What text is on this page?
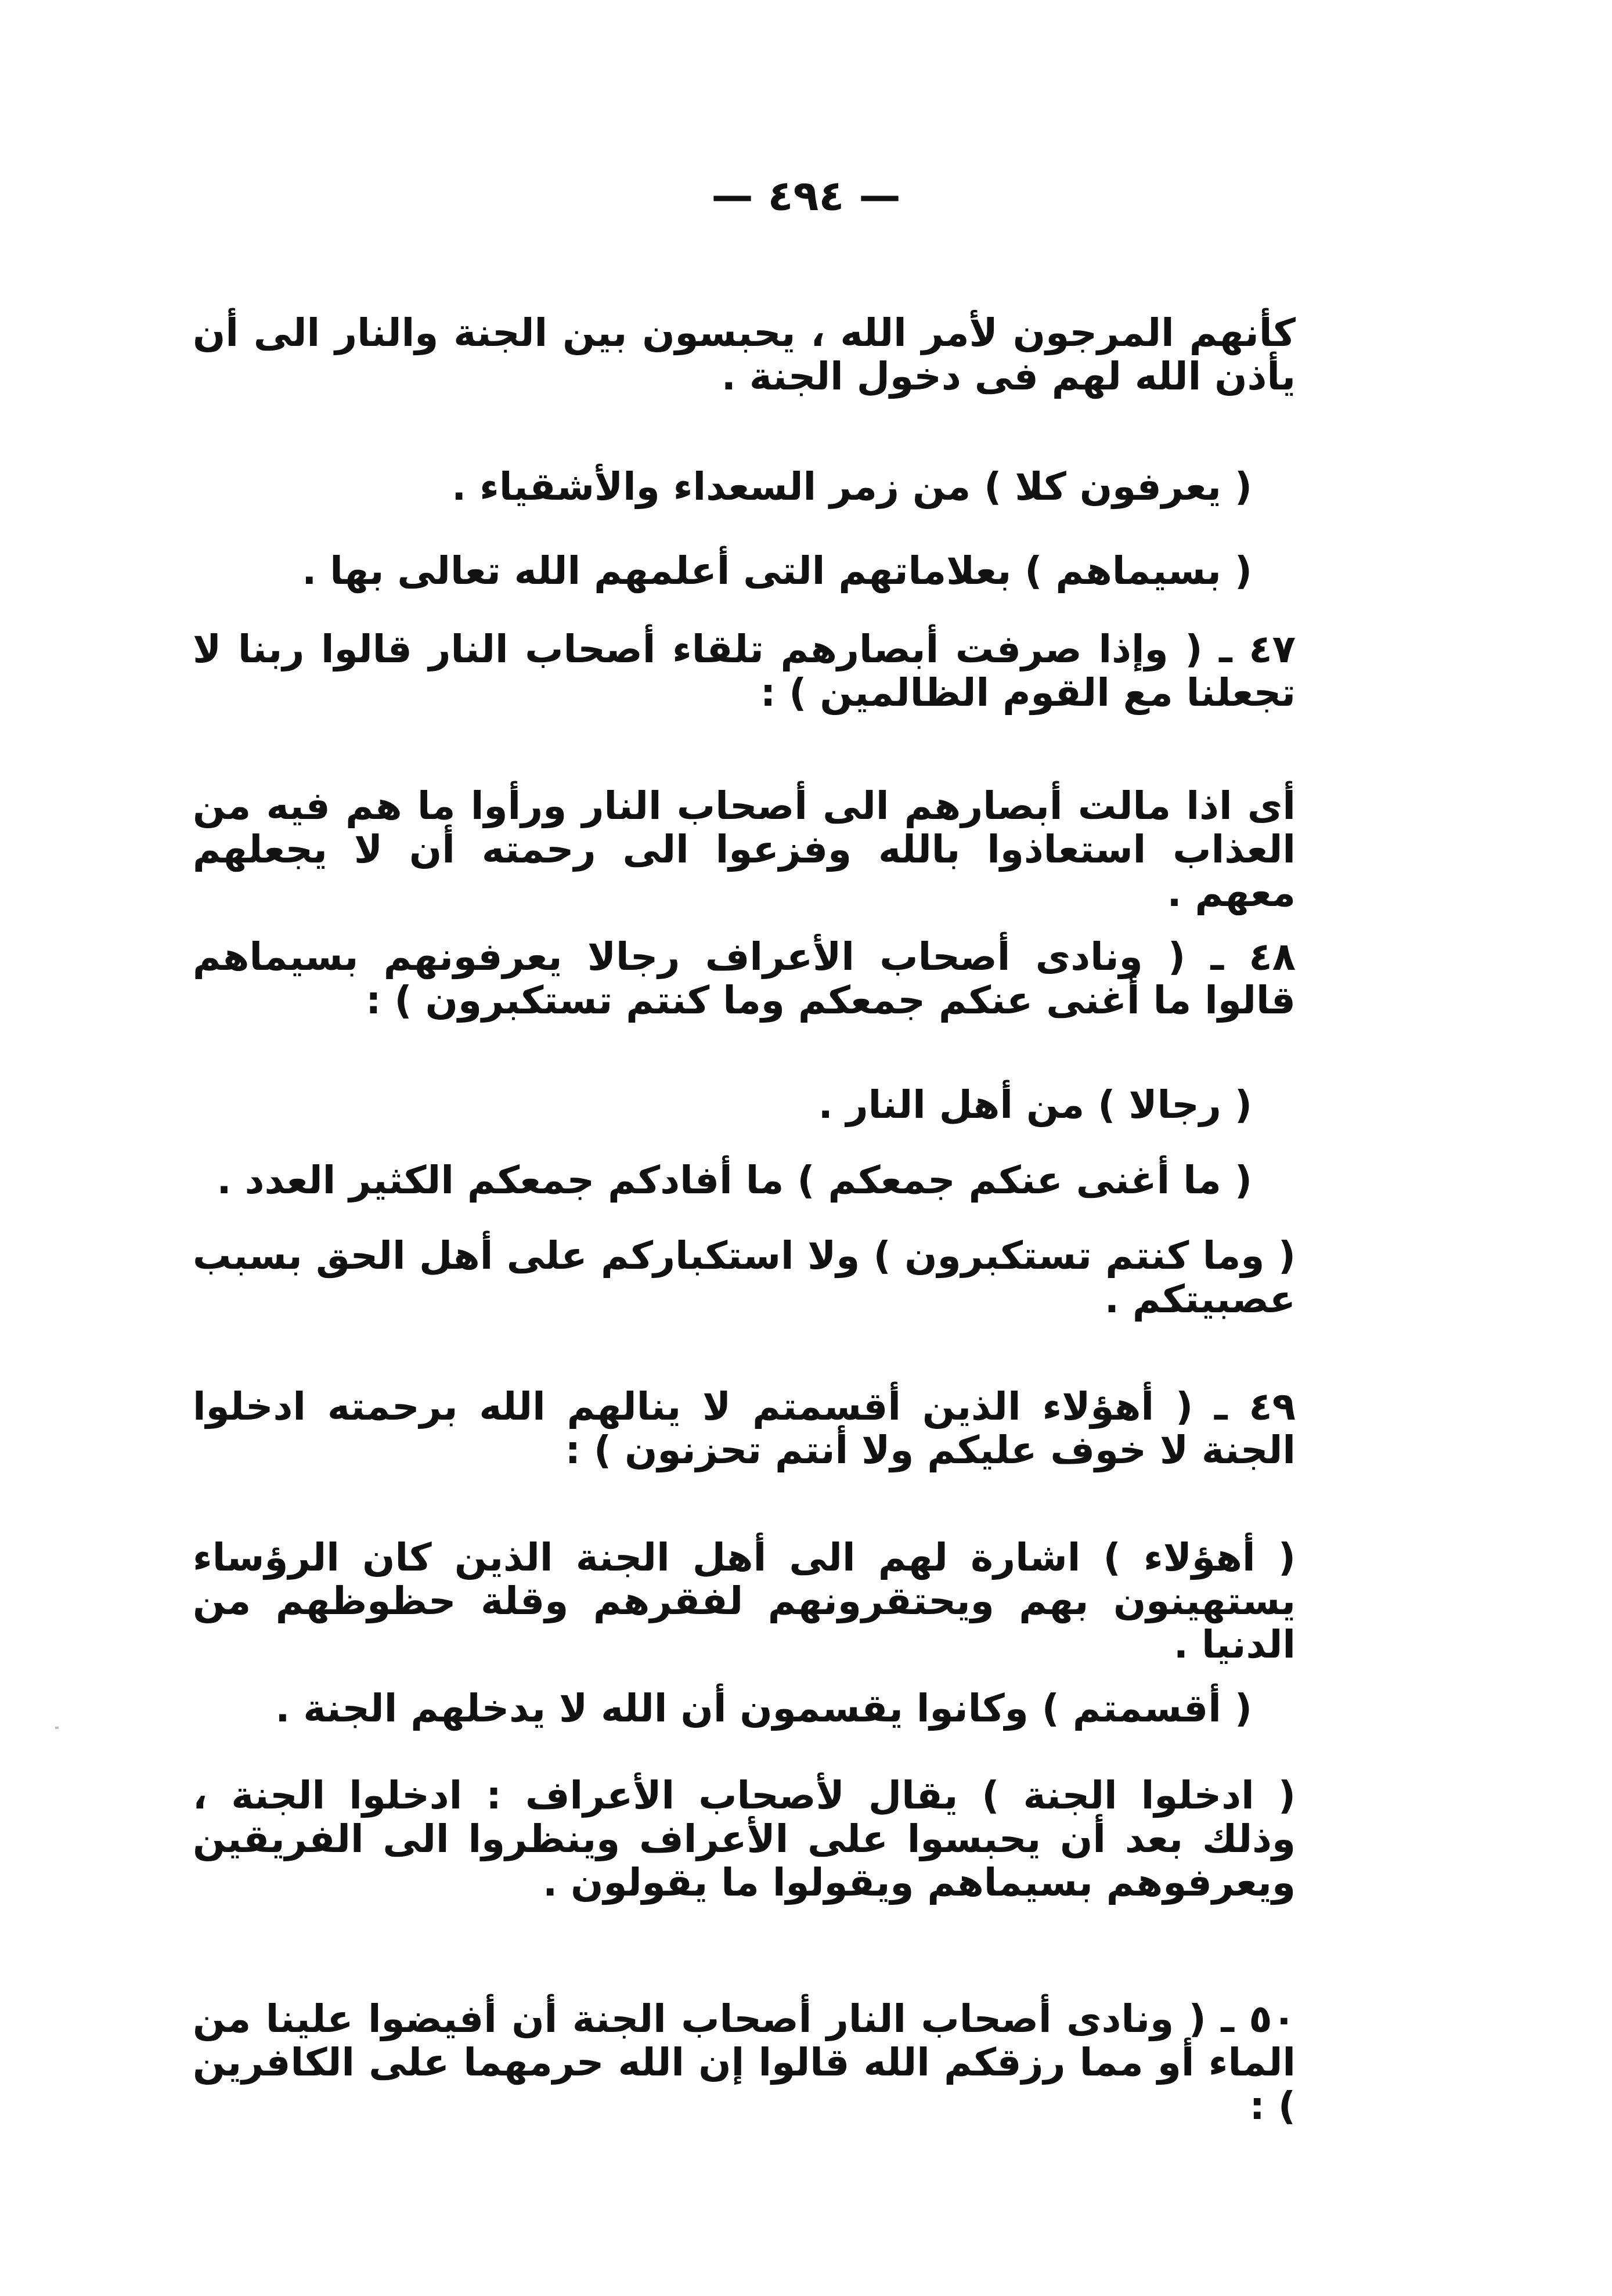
— ٤٩٤ —

كأنهم المرجون لأمر الله ، يحبسون بين الجنة والنار الى أن يأذن الله لهم فى دخول الجنة .

( يعرفون كلا ) من زمر السعداء والأشقياء .

( بسيماهم ) بعلاماتهم التى أعلمهم الله تعالى بها .

٤٧ ـ ( وإذا صرفت أبصارهم تلقاء أصحاب النار قالوا ربنا لا تجعلنا مع القوم الظالمين ) :

أى اذا مالت أبصارهم الى أصحاب النار ورأوا ما هم فيه من العذاب استعاذوا بالله وفزعوا الى رحمته أن لا يجعلهم معهم .

٤٨ ـ ( ونادى أصحاب الأعراف رجالا يعرفونهم بسيماهم قالوا ما أغنى عنكم جمعكم وما كنتم تستكبرون ) :

( رجالا ) من أهل النار .

( ما أغنى عنكم جمعكم ) ما أفادكم جمعكم الكثير العدد .

( وما كنتم تستكبرون ) ولا استكباركم على أهل الحق بسبب عصبيتكم .

٤٩ ـ ( أهؤلاء الذين أقسمتم لا ينالهم الله برحمته ادخلوا الجنة لا خوف عليكم ولا أنتم تحزنون ) :

( أهؤلاء ) اشارة لهم الى أهل الجنة الذين كان الرؤساء يستهينون بهم ويحتقرونهم لفقرهم وقلة حظوظهم من الدنيا .

( أقسمتم ) وكانوا يقسمون أن الله لا يدخلهم الجنة .

( ادخلوا الجنة ) يقال لأصحاب الأعراف : ادخلوا الجنة ، وذلك بعد أن يحبسوا على الأعراف وينظروا الى الفريقين ويعرفوهم بسيماهم ويقولوا ما يقولون .

٥٠ ـ ( ونادى أصحاب النار أصحاب الجنة أن أفيضوا علينا من الماء أو مما رزقكم الله قالوا إن الله حرمهما على الكافرين ) :
